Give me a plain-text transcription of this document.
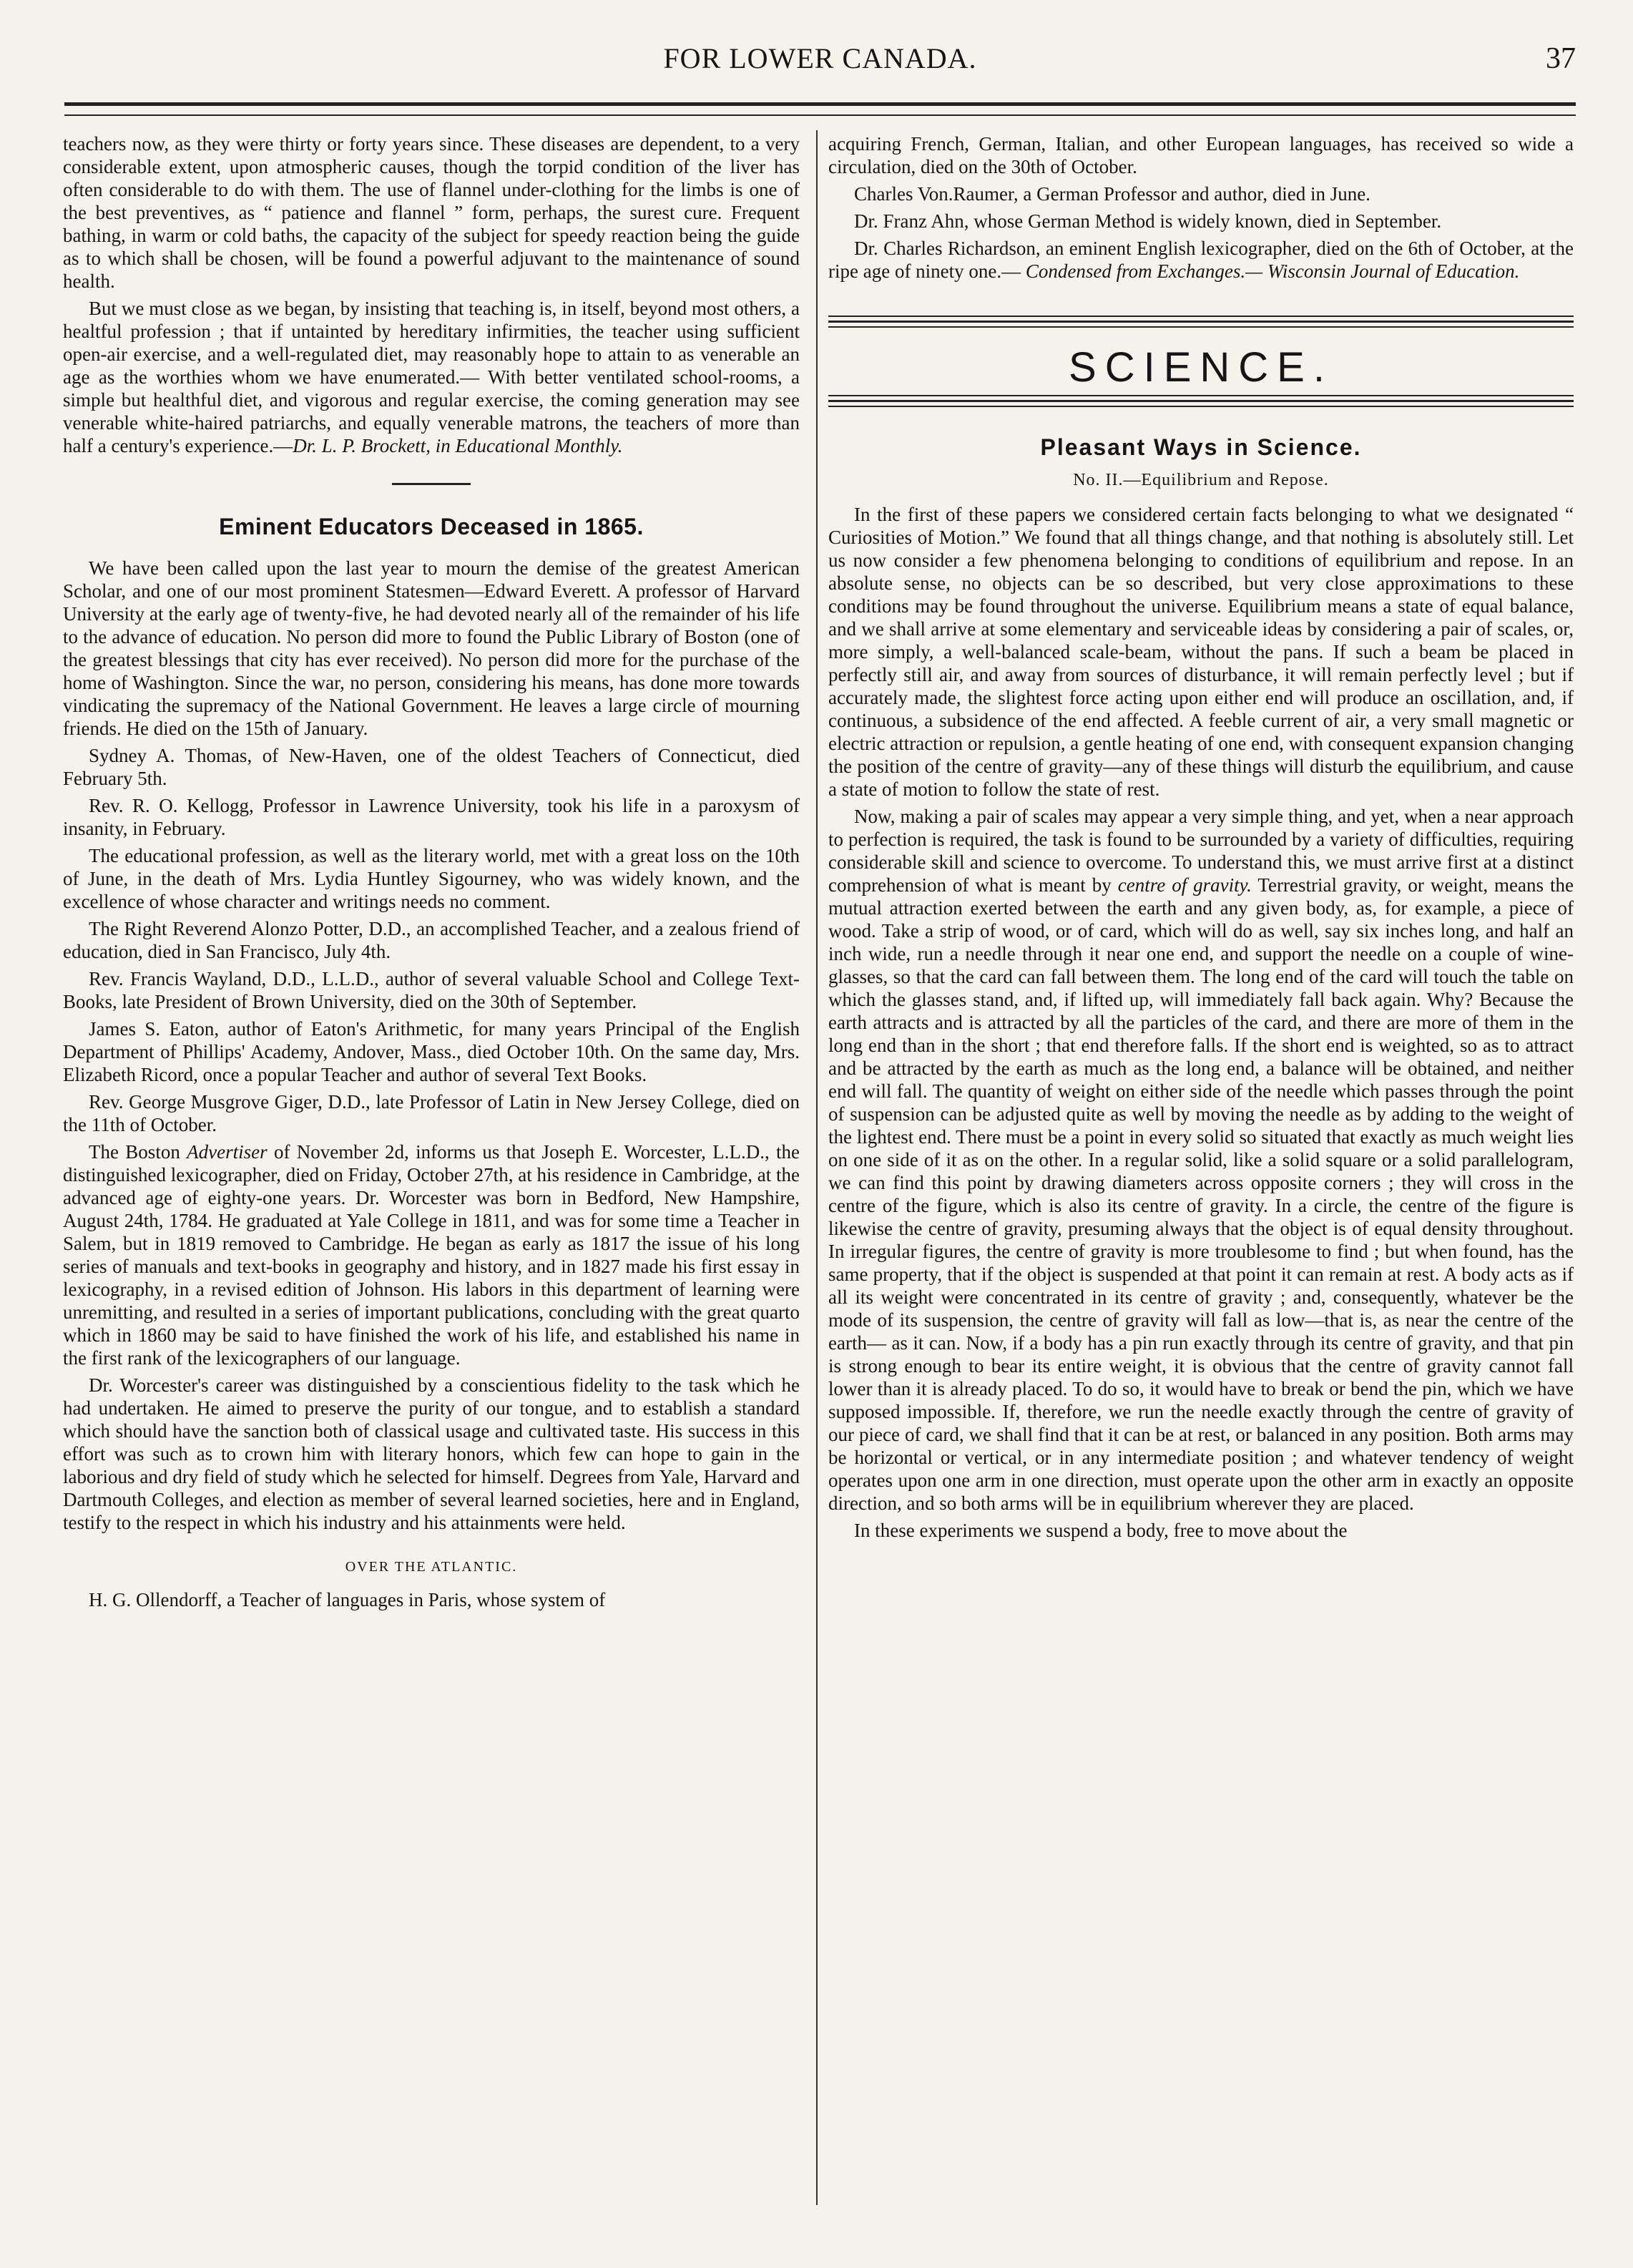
FOR LOWER CANADA.	37

teachers now, as they were thirty or forty years since. These diseases are dependent, to a very considerable extent, upon atmospheric causes, though the torpid condition of the liver has often considerable to do with them. The use of flannel under-clothing for the limbs is one of the best preventives, as “ patience and flannel ” form, perhaps, the surest cure. Frequent bathing, in warm or cold baths, the capacity of the subject for speedy reaction being the guide as to which shall be chosen, will be found a powerful adjuvant to the maintenance of sound health.

But we must close as we began, by insisting that teaching is, in itself, beyond most others, a healtful profession ; that if untainted by hereditary infirmities, the teacher using sufficient open-air exercise, and a well-regulated diet, may reasonably hope to attain to as venerable an age as the worthies whom we have enumerated.— With better ventilated school-rooms, a simple but healthful diet, and vigorous and regular exercise, the coming generation may see venerable white-haired patriarchs, and equally venerable matrons, the teachers of more than half a century's experience.—Dr. L. P. Brockett, in Educational Monthly.

Eminent Educators Deceased in 1865.

We have been called upon the last year to mourn the demise of the greatest American Scholar, and one of our most prominent Statesmen—Edward Everett. A professor of Harvard University at the early age of twenty-five, he had devoted nearly all of the remainder of his life to the advance of education. No person did more to found the Public Library of Boston (one of the greatest blessings that city has ever received). No person did more for the purchase of the home of Washington. Since the war, no person, considering his means, has done more towards vindicating the supremacy of the National Government. He leaves a large circle of mourning friends. He died on the 15th of January.

Sydney A. Thomas, of New-Haven, one of the oldest Teachers of Connecticut, died February 5th.

Rev. R. O. Kellogg, Professor in Lawrence University, took his life in a paroxysm of insanity, in February.

The educational profession, as well as the literary world, met with a great loss on the 10th of June, in the death of Mrs. Lydia Huntley Sigourney, who was widely known, and the excellence of whose character and writings needs no comment.

The Right Reverend Alonzo Potter, D.D., an accomplished Teacher, and a zealous friend of education, died in San Francisco, July 4th.

Rev. Francis Wayland, D.D., L.L.D., author of several valuable School and College Text-Books, late President of Brown University, died on the 30th of September.

James S. Eaton, author of Eaton's Arithmetic, for many years Principal of the English Department of Phillips' Academy, Andover, Mass., died October 10th. On the same day, Mrs. Elizabeth Ricord, once a popular Teacher and author of several Text Books.

Rev. George Musgrove Giger, D.D., late Professor of Latin in New Jersey College, died on the 11th of October.

The Boston Advertiser of November 2d, informs us that Joseph E. Worcester, L.L.D., the distinguished lexicographer, died on Friday, October 27th, at his residence in Cambridge, at the advanced age of eighty-one years. Dr. Worcester was born in Bedford, New Hampshire, August 24th, 1784. He graduated at Yale College in 1811, and was for some time a Teacher in Salem, but in 1819 removed to Cambridge. He began as early as 1817 the issue of his long series of manuals and text-books in geography and history, and in 1827 made his first essay in lexicography, in a revised edition of Johnson. His labors in this department of learning were unremitting, and resulted in a series of important publications, concluding with the great quarto which in 1860 may be said to have finished the work of his life, and established his name in the first rank of the lexicographers of our language.

Dr. Worcester's career was distinguished by a conscientious fidelity to the task which he had undertaken. He aimed to preserve the purity of our tongue, and to establish a standard which should have the sanction both of classical usage and cultivated taste. His success in this effort was such as to crown him with literary honors, which few can hope to gain in the laborious and dry field of study which he selected for himself. Degrees from Yale, Harvard and Dartmouth Colleges, and election as member of several learned societies, here and in England, testify to the respect in which his industry and his attainments were held.

OVER THE ATLANTIC.

H. G. Ollendorff, a Teacher of languages in Paris, whose system of

acquiring French, German, Italian, and other European languages, has received so wide a circulation, died on the 30th of October.

Charles Von.Raumer, a German Professor and author, died in June.

Dr. Franz Ahn, whose German Method is widely known, died in September.

Dr. Charles Richardson, an eminent English lexicographer, died on the 6th of October, at the ripe age of ninety one.— Condensed from Exchanges.— Wisconsin Journal of Education.

SCIENCE.
Pleasant Ways in Science.
No. II.—Equilibrium and Repose.

In the first of these papers we considered certain facts belonging to what we designated “ Curiosities of Motion.” We found that all things change, and that nothing is absolutely still. Let us now consider a few phenomena belonging to conditions of equilibrium and repose. In an absolute sense, no objects can be so described, but very close approximations to these conditions may be found throughout the universe. Equilibrium means a state of equal balance, and we shall arrive at some elementary and serviceable ideas by considering a pair of scales, or, more simply, a well-balanced scale-beam, without the pans. If such a beam be placed in perfectly still air, and away from sources of disturbance, it will remain perfectly level ; but if accurately made, the slightest force acting upon either end will produce an oscillation, and, if continuous, a subsidence of the end affected. A feeble current of air, a very small magnetic or electric attraction or repulsion, a gentle heating of one end, with consequent expansion changing the position of the centre of gravity—any of these things will disturb the equilibrium, and cause a state of motion to follow the state of rest.

Now, making a pair of scales may appear a very simple thing, and yet, when a near approach to perfection is required, the task is found to be surrounded by a variety of difficulties, requiring considerable skill and science to overcome. To understand this, we must arrive first at a distinct comprehension of what is meant by centre of gravity. Terrestrial gravity, or weight, means the mutual attraction exerted between the earth and any given body, as, for example, a piece of wood. Take a strip of wood, or of card, which will do as well, say six inches long, and half an inch wide, run a needle through it near one end, and support the needle on a couple of wine-glasses, so that the card can fall between them. The long end of the card will touch the table on which the glasses stand, and, if lifted up, will immediately fall back again. Why? Because the earth attracts and is attracted by all the particles of the card, and there are more of them in the long end than in the short ; that end therefore falls. If the short end is weighted, so as to attract and be attracted by the earth as much as the long end, a balance will be obtained, and neither end will fall. The quantity of weight on either side of the needle which passes through the point of suspension can be adjusted quite as well by moving the needle as by adding to the weight of the lightest end. There must be a point in every solid so situated that exactly as much weight lies on one side of it as on the other. In a regular solid, like a solid square or a solid parallelogram, we can find this point by drawing diameters across opposite corners ; they will cross in the centre of the figure, which is also its centre of gravity. In a circle, the centre of the figure is likewise the centre of gravity, presuming always that the object is of equal density throughout. In irregular figures, the centre of gravity is more troublesome to find ; but when found, has the same property, that if the object is suspended at that point it can remain at rest. A body acts as if all its weight were concentrated in its centre of gravity ; and, consequently, whatever be the mode of its suspension, the centre of gravity will fall as low—that is, as near the centre of the earth— as it can. Now, if a body has a pin run exactly through its centre of gravity, and that pin is strong enough to bear its entire weight, it is obvious that the centre of gravity cannot fall lower than it is already placed. To do so, it would have to break or bend the pin, which we have supposed impossible. If, therefore, we run the needle exactly through the centre of gravity of our piece of card, we shall find that it can be at rest, or balanced in any position. Both arms may be horizontal or vertical, or in any intermediate position ; and whatever tendency of weight operates upon one arm in one direction, must operate upon the other arm in exactly an opposite direction, and so both arms will be in equilibrium wherever they are placed.

In these experiments we suspend a body, free to move about the
